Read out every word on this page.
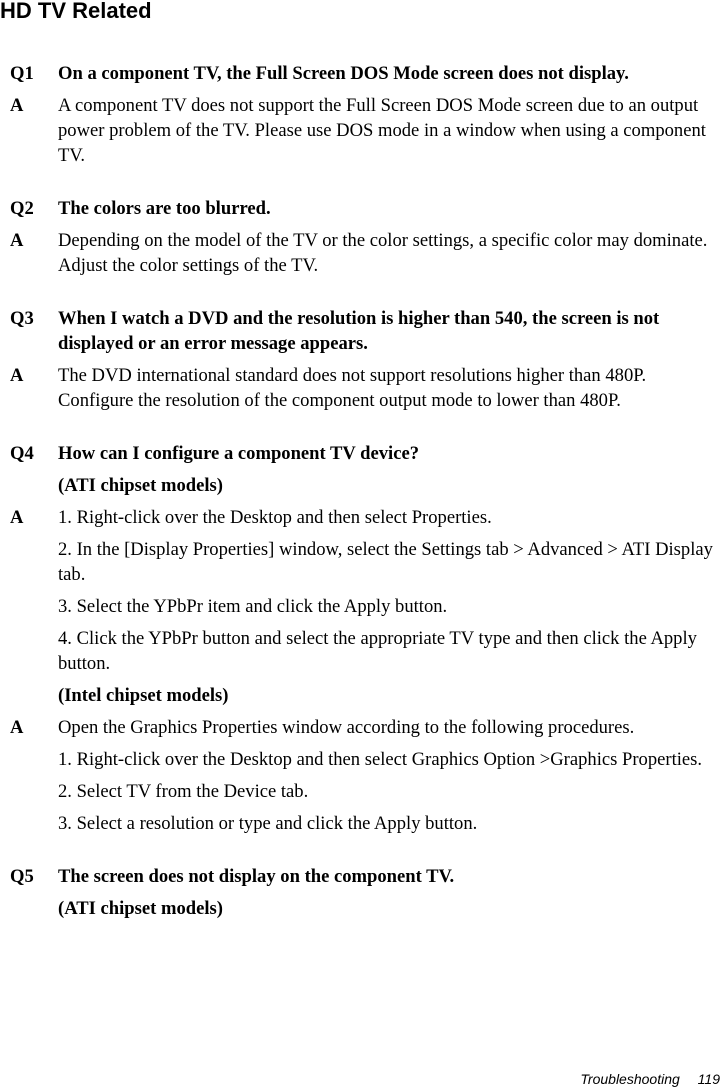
HD TV Related
Q1	On a component TV, the Full Screen DOS Mode screen does not display.
A	A component TV does not support the Full Screen DOS Mode screen due to an output power problem of the TV. Please use DOS mode in a window when using a component TV.
Q2	The colors are too blurred.
A	Depending on the model of the TV or the color settings, a specific color may dominate. Adjust the color settings of the TV.
Q3	When I watch a DVD and the resolution is higher than 540, the screen is not displayed or an error message appears.
A	The DVD international standard does not support resolutions higher than 480P. Configure the resolution of the component output mode to lower than 480P.
Q4	How can I configure a component TV device?
(ATI chipset models)
A	1. Right-click over the Desktop and then select Properties.
2. In the [Display Properties] window, select the Settings tab > Advanced > ATI Display tab.
3. Select the YPbPr item and click the Apply button.
4. Click the YPbPr button and select the appropriate TV type and then click the Apply button.
(Intel chipset models)
A	Open the Graphics Properties window according to the following procedures.
1. Right-click over the Desktop and then select Graphics Option >Graphics Properties.
2. Select TV from the Device tab.
3. Select a resolution or type and click the Apply button.
Q5	The screen does not display on the component TV.
(ATI chipset models)
Troubleshooting 119
